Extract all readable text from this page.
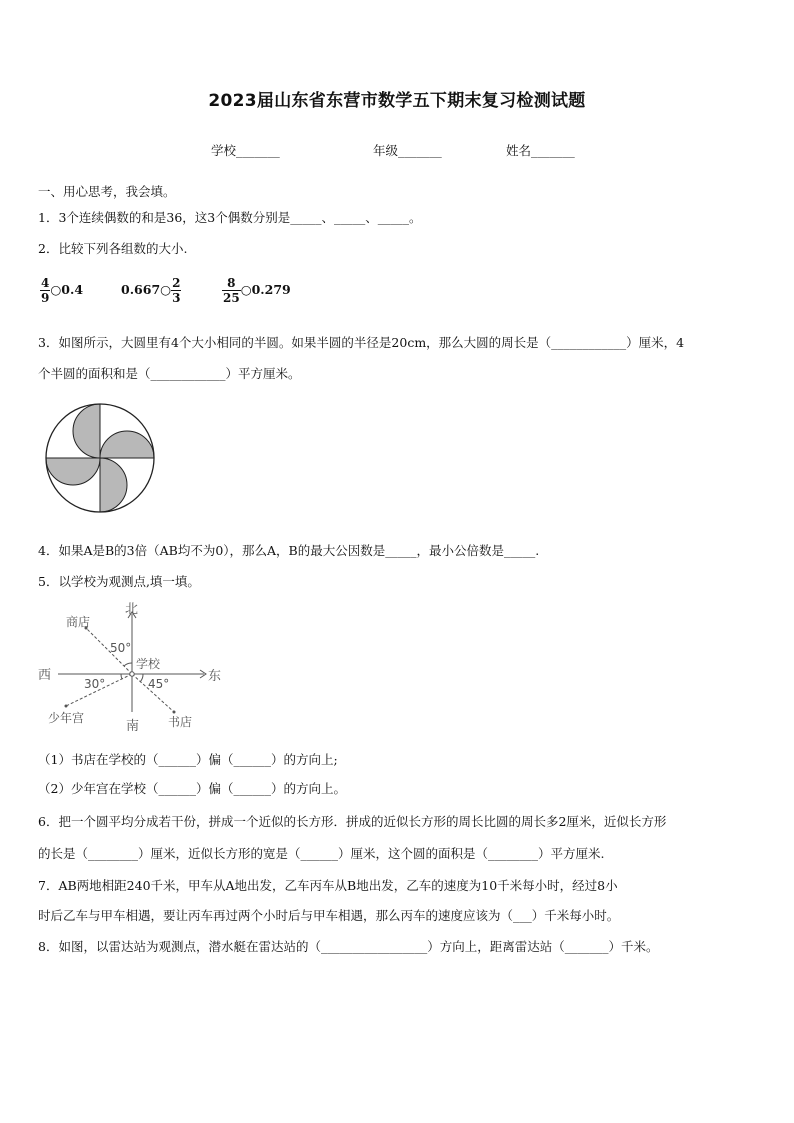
2023届山东省东营市数学五下期末复习检测试题
学校_______	年级_______	姓名_______
一、用心思考，我会填。
1．3个连续偶数的和是36，这3个偶数分别是_____、_____、_____。
2．比较下列各组数的大小.
$\frac{4}{9}$ ○0.4	0.667○ $\frac{2}{3}$	$\frac{8}{25}$ ○0.279
3．如图所示，大圆里有4个大小相同的半圆。如果半圆的半径是20cm，那么大圆的周长是（____________）厘米，4
个半圆的面积和是（____________）平方厘米。
4．如果A是B的3倍（AB均不为0），那么A，B的最大公因数是_____，最小公倍数是_____.
5．以学校为观测点,填一填。
北
南
西	东
学校
商店
少年宫	书店
50°
30°	45°
（1）书店在学校的（______）偏（______）的方向上;
（2）少年宫在学校（______）偏（______）的方向上。
6．把一个圆平均分成若干份，拼成一个近似的长方形．拼成的近似长方形的周长比圆的周长多2厘米，近似长方形
的长是（________）厘米，近似长方形的宽是（______）厘米，这个圆的面积是（________）平方厘米.
7．AB两地相距240千米，甲车从A地出发，乙车丙车从B地出发，乙车的速度为10千米每小时，经过8小
时后乙车与甲车相遇，要让丙车再过两个小时后与甲车相遇，那么丙车的速度应该为（___）千米每小时。
8．如图，以雷达站为观测点，潜水艇在雷达站的（_________________）方向上，距离雷达站（_______）千米。
